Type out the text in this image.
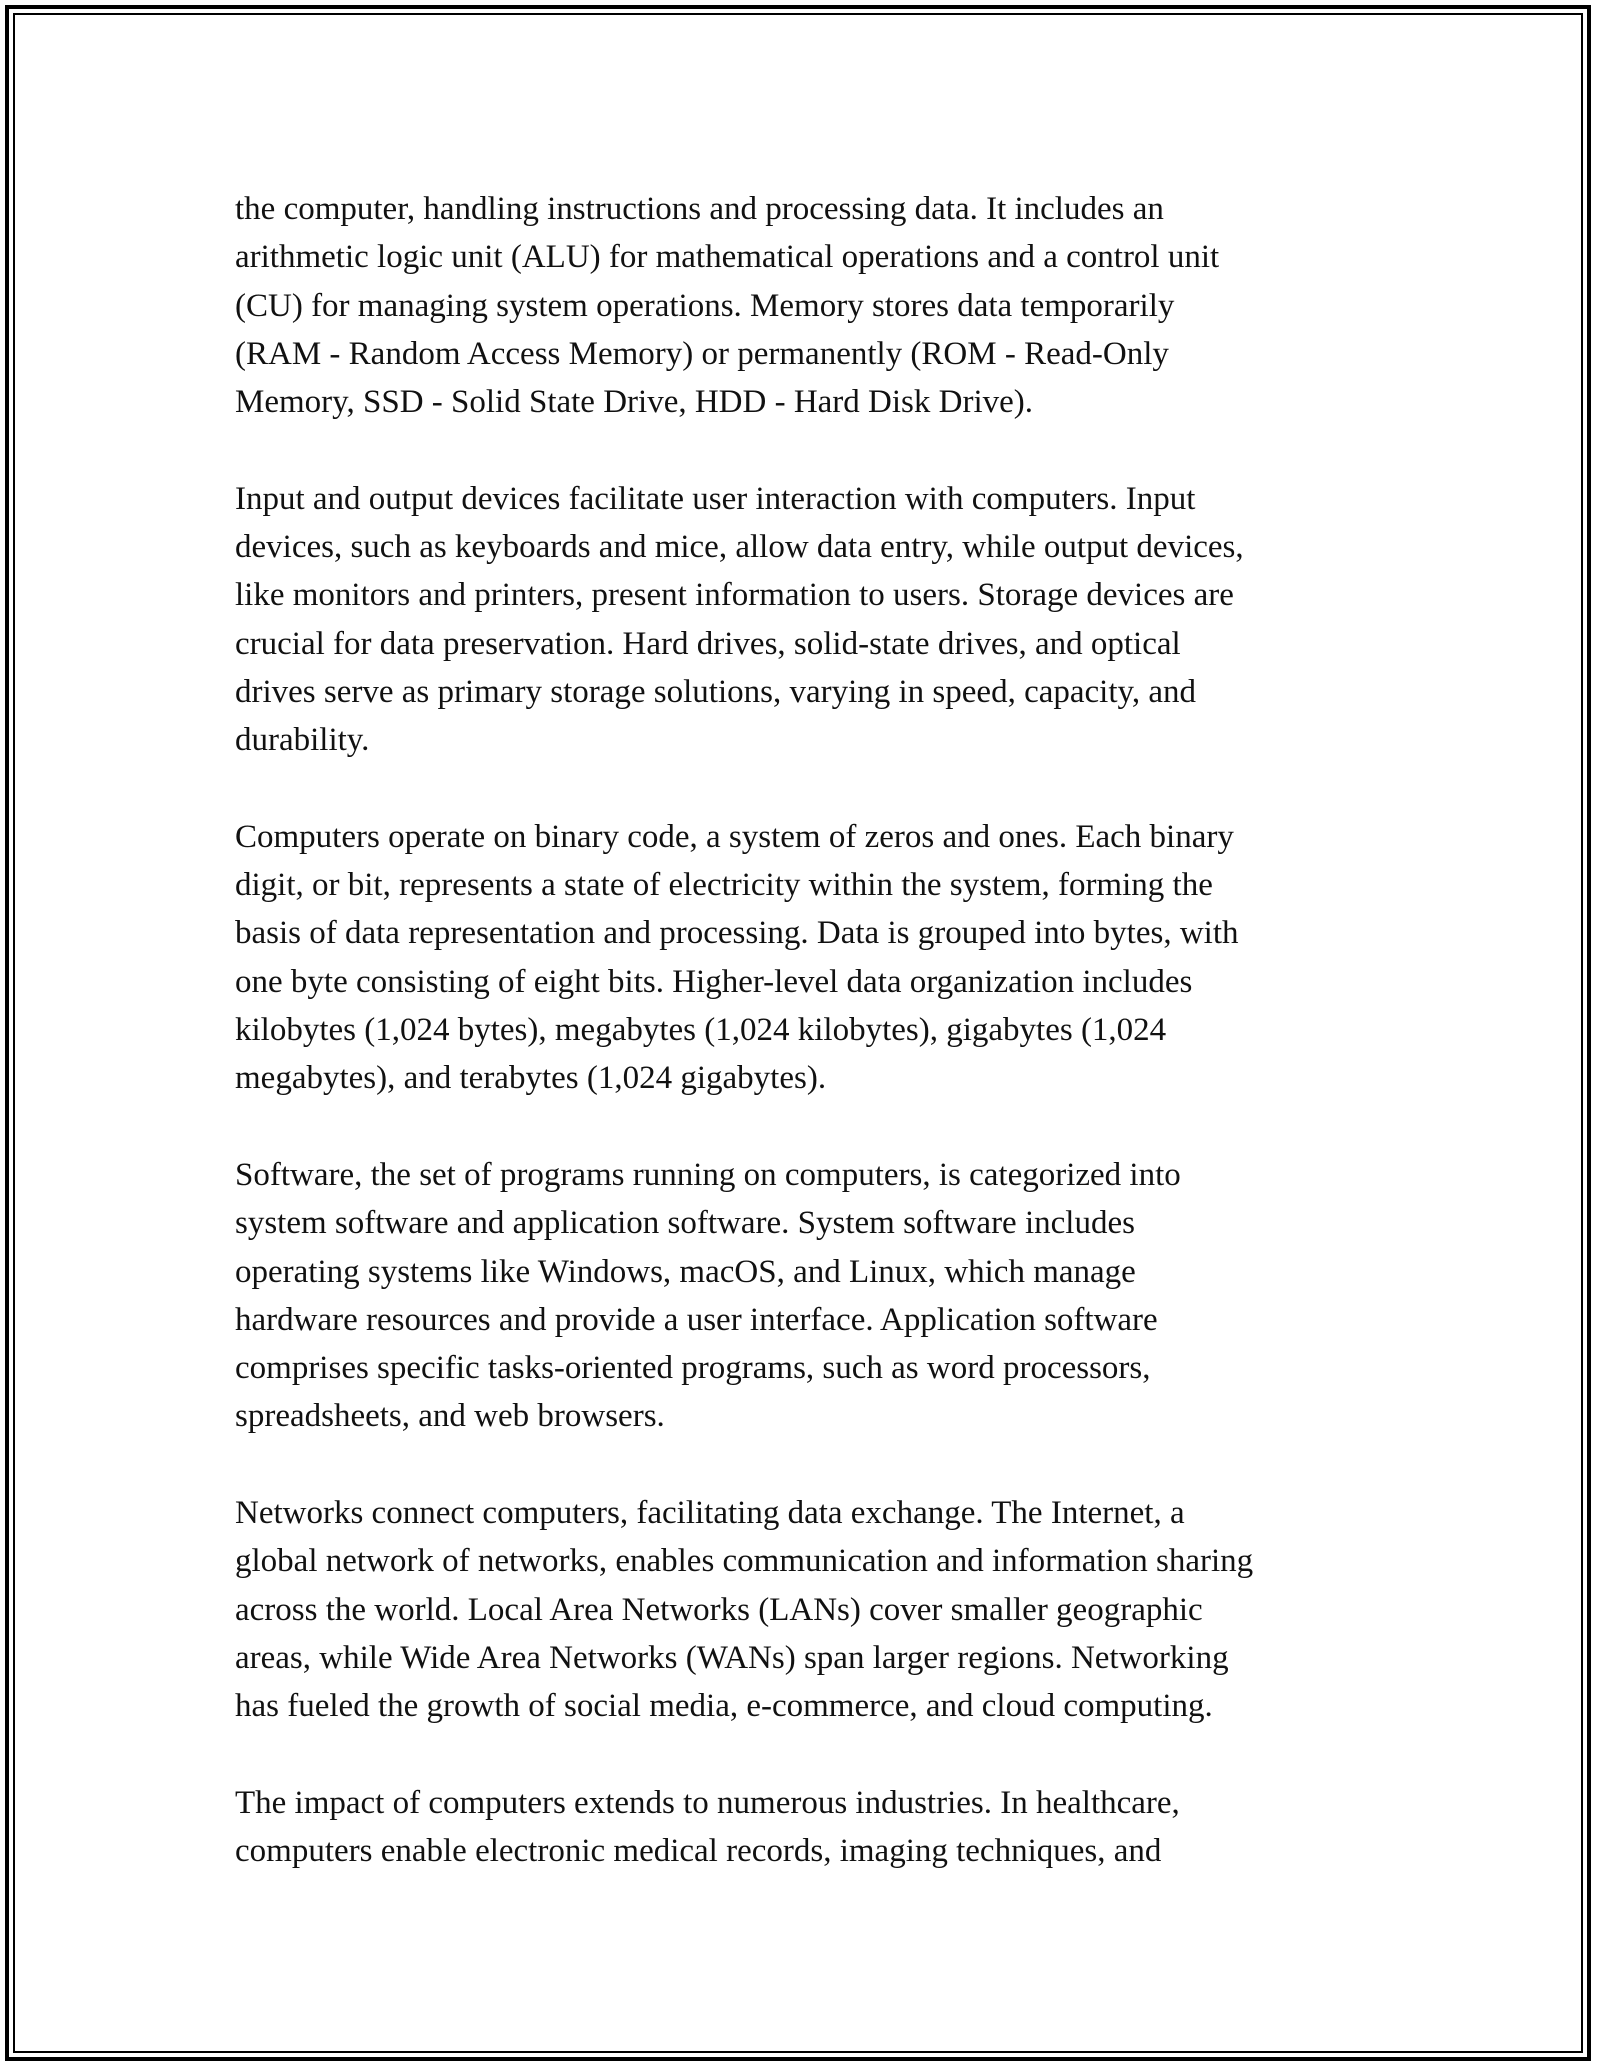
the computer, handling instructions and processing data. It includes an
arithmetic logic unit (ALU) for mathematical operations and a control unit
(CU) for managing system operations. Memory stores data temporarily
(RAM - Random Access Memory) or permanently (ROM - Read-Only
Memory, SSD - Solid State Drive, HDD - Hard Disk Drive).

Input and output devices facilitate user interaction with computers. Input
devices, such as keyboards and mice, allow data entry, while output devices,
like monitors and printers, present information to users. Storage devices are
crucial for data preservation. Hard drives, solid-state drives, and optical
drives serve as primary storage solutions, varying in speed, capacity, and
durability.

Computers operate on binary code, a system of zeros and ones. Each binary
digit, or bit, represents a state of electricity within the system, forming the
basis of data representation and processing. Data is grouped into bytes, with
one byte consisting of eight bits. Higher-level data organization includes
kilobytes (1,024 bytes), megabytes (1,024 kilobytes), gigabytes (1,024
megabytes), and terabytes (1,024 gigabytes).

Software, the set of programs running on computers, is categorized into
system software and application software. System software includes
operating systems like Windows, macOS, and Linux, which manage
hardware resources and provide a user interface. Application software
comprises specific tasks-oriented programs, such as word processors,
spreadsheets, and web browsers.

Networks connect computers, facilitating data exchange. The Internet, a
global network of networks, enables communication and information sharing
across the world. Local Area Networks (LANs) cover smaller geographic
areas, while Wide Area Networks (WANs) span larger regions. Networking
has fueled the growth of social media, e-commerce, and cloud computing.

The impact of computers extends to numerous industries. In healthcare,
computers enable electronic medical records, imaging techniques, and
